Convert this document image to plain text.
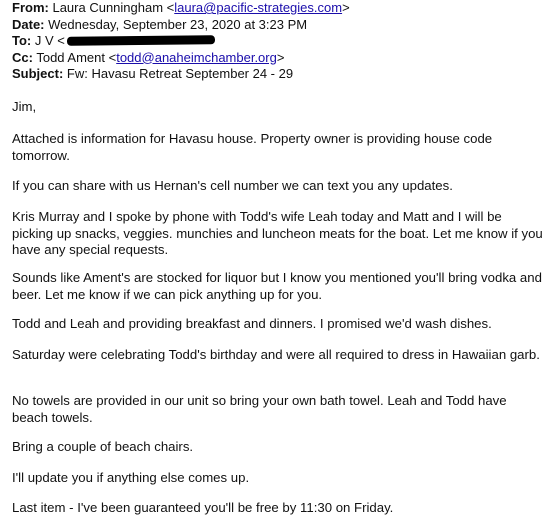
From: Laura Cunningham <laura@pacific-strategies.com>
Date: Wednesday, September 23, 2020 at 3:23 PM
To: J V <
Cc: Todd Ament <todd@anaheimchamber.org>
Subject: Fw: Havasu Retreat September 24 - 29

Jim,

Attached is information for Havasu house. Property owner is providing house code tomorrow.

If you can share with us Hernan's cell number we can text you any updates.

Kris Murray and I spoke by phone with Todd's wife Leah today and Matt and I will be picking up snacks, veggies. munchies and luncheon meats for the boat. Let me know if you have any special requests.

Sounds like Ament's are stocked for liquor but I know you mentioned you'll bring vodka and beer. Let me know if we can pick anything up for you.

Todd and Leah and providing breakfast and dinners. I promised we'd wash dishes.

Saturday were celebrating Todd's birthday and were all required to dress in Hawaiian garb.

No towels are provided in our unit so bring your own bath towel. Leah and Todd have beach towels.

Bring a couple of beach chairs.

I'll update you if anything else comes up.

Last item - I've been guaranteed you'll be free by 11:30 on Friday.
